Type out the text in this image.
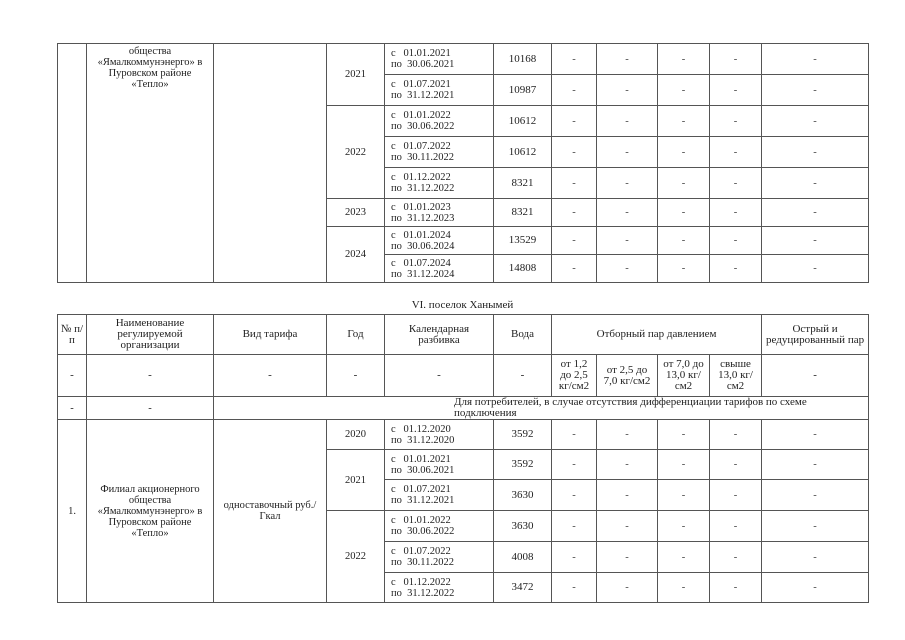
	общества «Ямалкоммунэнерго» в Пуровском районе «Тепло»		2021	с   01.01.2021
по  30.06.2021	10168	-	-	-	-	-
				с   01.07.2021
по  31.12.2021	10987	-	-	-	-	-
			2022	с   01.01.2022
по  30.06.2022	10612	-	-	-	-	-
				с   01.07.2022
по  30.11.2022	10612	-	-	-	-	-
				с   01.12.2022
по  31.12.2022	8321	-	-	-	-	-
			2023	с   01.01.2023
по  31.12.2023	8321	-	-	-	-	-
			2024	с   01.01.2024
по  30.06.2024	13529	-	-	-	-	-
				с   01.07.2024
по  31.12.2024	14808	-	-	-	-	-
VI. поселок Ханымей
№ п/п	Наименование регулируемой организации	Вид тарифа	Год	Календарная разбивка	Вода	Отборный пар давлением				Острый и редуцированный пар
-	-	-	-	-	-	от 1,2 до 2,5 кг/см2	от 2,5 до 7,0 кг/см2	от 7,0 до 13,0 кг/см2	свыше 13,0 кг/см2	-
-	-	Для потребителей, в случае отсутствия дифференциации тарифов по схеме подключения								
1.	Филиал акционерного общества «Ямалкоммунэнерго» в Пуровском районе «Тепло»	одноставочный руб./Гкал	2020	с   01.12.2020
по  31.12.2020	3592	-	-	-	-	-
			2021	с   01.01.2021
по  30.06.2021	3592	-	-	-	-	-
				с   01.07.2021
по  31.12.2021	3630	-	-	-	-	-
			2022	с   01.01.2022
по  30.06.2022	3630	-	-	-	-	-
				с   01.07.2022
по  30.11.2022	4008	-	-	-	-	-
				с   01.12.2022
по  31.12.2022	3472	-	-	-	-	-
